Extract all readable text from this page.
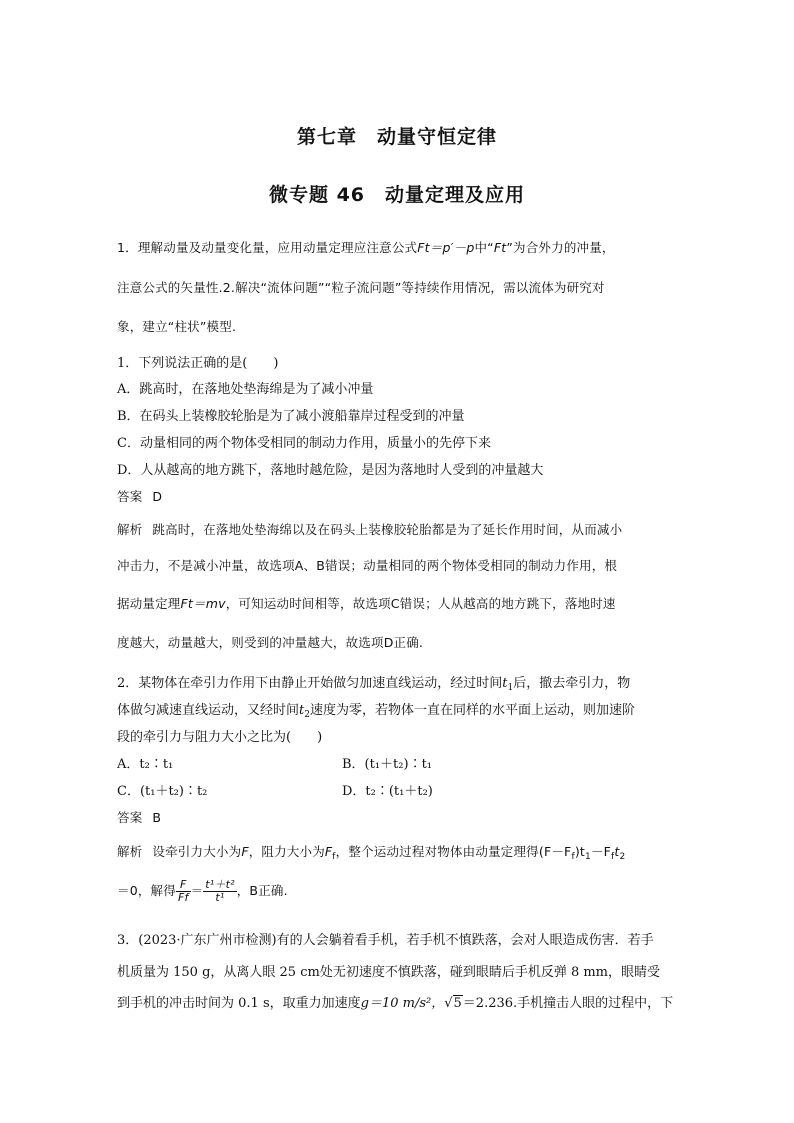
第七章　动量守恒定律
微专题 46　动量定理及应用
1．理解动量及动量变化量，应用动量定理应注意公式Ft＝p′－p中“Ft”为合外力的冲量，
注意公式的矢量性.2.解决“流体问题”“粒子流问题”等持续作用情况，需以流体为研究对
象，建立“柱状”模型.
1．下列说法正确的是(　　)
A．跳高时，在落地处垫海绵是为了减小冲量
B．在码头上装橡胶轮胎是为了减小渡船靠岸过程受到的冲量
C．动量相同的两个物体受相同的制动力作用，质量小的先停下来
D．人从越高的地方跳下，落地时越危险，是因为落地时人受到的冲量越大
答案 D
解析 跳高时，在落地处垫海绵以及在码头上装橡胶轮胎都是为了延长作用时间，从而减小
冲击力，不是减小冲量，故选项A、B错误；动量相同的两个物体受相同的制动力作用，根
据动量定理Ft＝mv，可知运动时间相等，故选项C错误；人从越高的地方跳下，落地时速
度越大，动量越大，则受到的冲量越大，故选项D正确.
2．某物体在牵引力作用下由静止开始做匀加速直线运动，经过时间$t_1$后，撤去牵引力，物
体做匀减速直线运动，又经时间$t_2$速度为零，若物体一直在同样的水平面上运动，则加速阶
段的牵引力与阻力大小之比为(　　)
A．t₂∶t₁	B．(t₁＋t₂)∶t₁
C．(t₁＋t₂)∶t₂	D．t₂∶(t₁＋t₂)
答案 B
解析 设牵引力大小为F，阻力大小为$F_f$，整个运动过程对物体由动量定理得$(F-F_f)t_1-F_ft_2$
＝0，解得 $\frac{F}{Ff} = \frac{\text{t¹＋t²}}{\text{t¹}}$ ，B正确.
3．(2023·广东广州市检测)有的人会躺着看手机，若手机不慎跌落，会对人眼造成伤害．若手
机质量为 150 g，从离人眼 25 cm处无初速度不慎跌落，碰到眼睛后手机反弹 8 mm，眼睛受
到手机的冲击时间为 0.1 s，取重力加速度g＝10 m/s²，√5＝2.236.手机撞击人眼的过程中，下
